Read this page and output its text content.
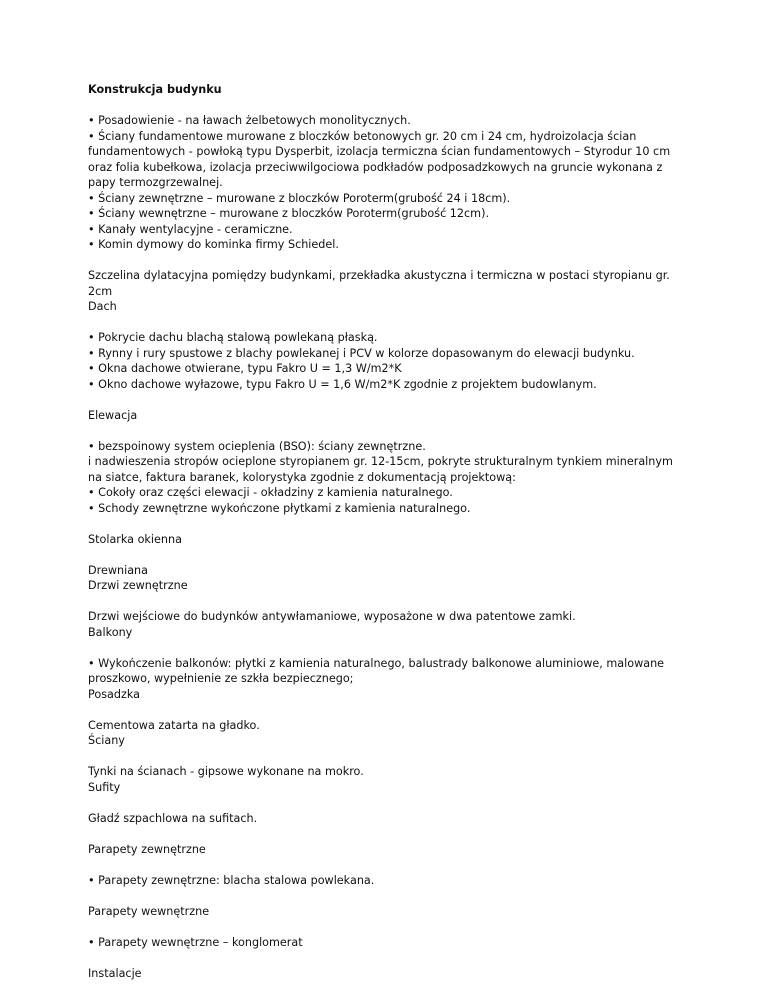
Konstrukcja budynku

• Posadowienie - na ławach żelbetowych monolitycznych.
• Ściany fundamentowe murowane z bloczków betonowych gr. 20 cm i 24 cm, hydroizolacja ścian fundamentowych - powłoką typu Dysperbit, izolacja termiczna ścian fundamentowych – Styrodur 10 cm oraz folia kubełkowa, izolacja przeciwwilgociowa podkładów podposadzkowych na gruncie wykonana z papy termozgrzewalnej.
• Ściany zewnętrzne – murowane z bloczków Poroterm(grubość 24 i 18cm).
• Ściany wewnętrzne – murowane z bloczków Poroterm(grubość 12cm).
• Kanały wentylacyjne - ceramiczne.
• Komin dymowy do kominka firmy Schiedel.

Szczelina dylatacyjna pomiędzy budynkami, przekładka akustyczna i termiczna w postaci styropianu gr. 2cm
Dach

• Pokrycie dachu blachą stalową powlekaną płaską.
• Rynny i rury spustowe z blachy powlekanej i PCV w kolorze dopasowanym do elewacji budynku.
• Okna dachowe otwierane, typu Fakro U = 1,3 W/m2*K
• Okno dachowe wyłazowe, typu Fakro U = 1,6 W/m2*K zgodnie z projektem budowlanym.

Elewacja

• bezspoinowy system ocieplenia (BSO): ściany zewnętrzne.
i nadwieszenia stropów ocieplone styropianem gr. 12-15cm, pokryte strukturalnym tynkiem mineralnym na siatce, faktura baranek, kolorystyka zgodnie z dokumentacją projektową:
• Cokoły oraz części elewacji - okładziny z kamienia naturalnego.
• Schody zewnętrzne wykończone płytkami z kamienia naturalnego.

Stolarka okienna

Drewniana
Drzwi zewnętrzne

Drzwi wejściowe do budynków antywłamaniowe, wyposażone w dwa patentowe zamki.
Balkony

• Wykończenie balkonów: płytki z kamienia naturalnego, balustrady balkonowe aluminiowe, malowane proszkowo, wypełnienie ze szkła bezpiecznego;
Posadzka

Cementowa zatarta na gładko.
Ściany

Tynki na ścianach - gipsowe wykonane na mokro.
Sufity

Gładź szpachlowa na sufitach.

Parapety zewnętrzne

• Parapety zewnętrzne: blacha stalowa powlekana.

Parapety wewnętrzne

• Parapety wewnętrzne – konglomerat

Instalacje
